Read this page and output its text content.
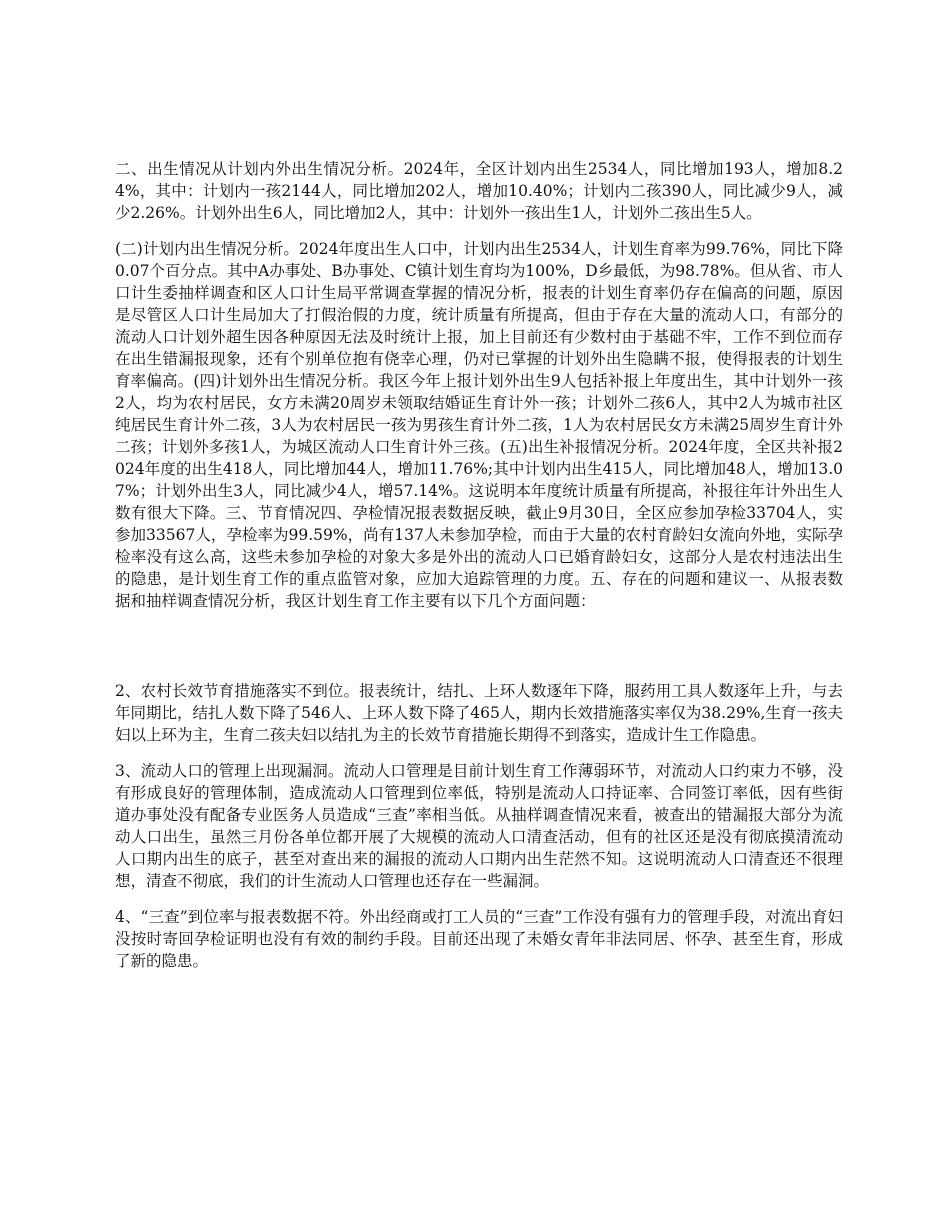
二、出生情况从计划内外出生情况分析。2024年，全区计划内出生2534人，同比增加193人，增加8.24%，其中：计划内一孩2144人，同比增加202人，增加10.40%；计划内二孩390人，同比减少9人，减少2.26%。计划外出生6人，同比增加2人，其中：计划外一孩出生1人，计划外二孩出生5人。

(二)计划内出生情况分析。2024年度出生人口中，计划内出生2534人，计划生育率为99.76%，同比下降0.07个百分点。其中A办事处、B办事处、C镇计划生育均为100%，D乡最低，为98.78%。但从省、市人口计生委抽样调查和区人口计生局平常调查掌握的情况分析，报表的计划生育率仍存在偏高的问题，原因是尽管区人口计生局加大了打假治假的力度，统计质量有所提高，但由于存在大量的流动人口，有部分的流动人口计划外超生因各种原因无法及时统计上报，加上目前还有少数村由于基础不牢，工作不到位而存在出生错漏报现象，还有个别单位抱有侥幸心理，仍对已掌握的计划外出生隐瞒不报，使得报表的计划生育率偏高。(四)计划外出生情况分析。我区今年上报计划外出生9人包括补报上年度出生，其中计划外一孩2人，均为农村居民，女方未满20周岁未领取结婚证生育计外一孩；计划外二孩6人，其中2人为城市社区纯居民生育计外二孩，3人为农村居民一孩为男孩生育计外二孩，1人为农村居民女方未满25周岁生育计外二孩；计划外多孩1人，为城区流动人口生育计外三孩。(五)出生补报情况分析。2024年度，全区共补报2024年度的出生418人，同比增加44人，增加11.76%;其中计划内出生415人，同比增加48人，增加13.07%；计划外出生3人，同比减少4人，增57.14%。这说明本年度统计质量有所提高，补报往年计外出生人数有很大下降。三、节育情况四、孕检情况报表数据反映，截止9月30日，全区应参加孕检33704人，实参加33567人，孕检率为99.59%，尚有137人未参加孕检，而由于大量的农村育龄妇女流向外地，实际孕检率没有这么高，这些未参加孕检的对象大多是外出的流动人口已婚育龄妇女，这部分人是农村违法出生的隐患，是计划生育工作的重点监管对象，应加大追踪管理的力度。五、存在的问题和建议一、从报表数据和抽样调查情况分析，我区计划生育工作主要有以下几个方面问题：

2、农村长效节育措施落实不到位。报表统计，结扎、上环人数逐年下降，服药用工具人数逐年上升，与去年同期比，结扎人数下降了546人、上环人数下降了465人，期内长效措施落实率仅为38.29%,生育一孩夫妇以上环为主，生育二孩夫妇以结扎为主的长效节育措施长期得不到落实，造成计生工作隐患。

3、流动人口的管理上出现漏洞。流动人口管理是目前计划生育工作薄弱环节，对流动人口约束力不够，没有形成良好的管理体制，造成流动人口管理到位率低，特别是流动人口持证率、合同签订率低，因有些街道办事处没有配备专业医务人员造成“三查”率相当低。从抽样调查情况来看，被查出的错漏报大部分为流动人口出生，虽然三月份各单位都开展了大规模的流动人口清查活动，但有的社区还是没有彻底摸清流动人口期内出生的底子，甚至对查出来的漏报的流动人口期内出生茫然不知。这说明流动人口清查还不很理想，清查不彻底，我们的计生流动人口管理也还存在一些漏洞。

4、“三查”到位率与报表数据不符。外出经商或打工人员的“三查”工作没有强有力的管理手段，对流出育妇没按时寄回孕检证明也没有有效的制约手段。目前还出现了未婚女青年非法同居、怀孕、甚至生育，形成了新的隐患。
